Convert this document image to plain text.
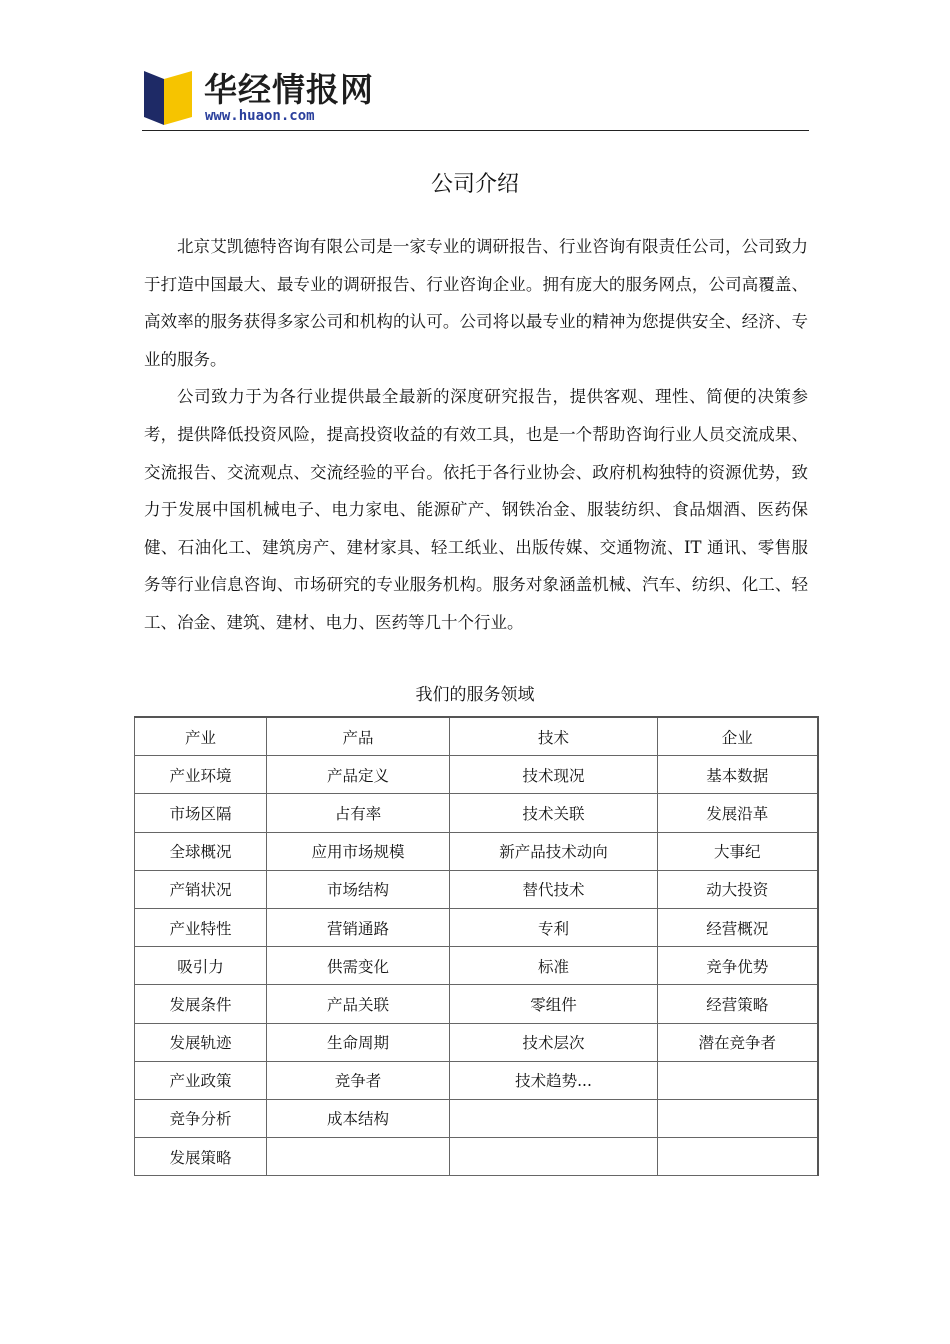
华经情报网
www.huaon.com
公司介绍

北京艾凯德特咨询有限公司是一家专业的调研报告、行业咨询有限责任公司，公司致力于打造中国最大、最专业的调研报告、行业咨询企业。拥有庞大的服务网点，公司高覆盖、高效率的服务获得多家公司和机构的认可。公司将以最专业的精神为您提供安全、经济、专业的服务。

公司致力于为各行业提供最全最新的深度研究报告，提供客观、理性、简便的决策参考，提供降低投资风险，提高投资收益的有效工具，也是一个帮助咨询行业人员交流成果、交流报告、交流观点、交流经验的平台。依托于各行业协会、政府机构独特的资源优势，致力于发展中国机械电子、电力家电、能源矿产、钢铁冶金、服装纺织、食品烟酒、医药保健、石油化工、建筑房产、建材家具、轻工纸业、出版传媒、交通物流、IT 通讯、零售服务等行业信息咨询、市场研究的专业服务机构。服务对象涵盖机械、汽车、纺织、化工、轻工、冶金、建筑、建材、电力、医药等几十个行业。

我们的服务领域
产业	产品	技术	企业
产业环境	产品定义	技术现况	基本数据
市场区隔	占有率	技术关联	发展沿革
全球概况	应用市场规模	新产品技术动向	大事纪
产销状况	市场结构	替代技术	动大投资
产业特性	营销通路	专利	经营概况
吸引力	供需变化	标准	竞争优势
发展条件	产品关联	零组件	经营策略
发展轨迹	生命周期	技术层次	潜在竞争者
产业政策	竞争者	技术趋势...	
竞争分析	成本结构		
发展策略			
